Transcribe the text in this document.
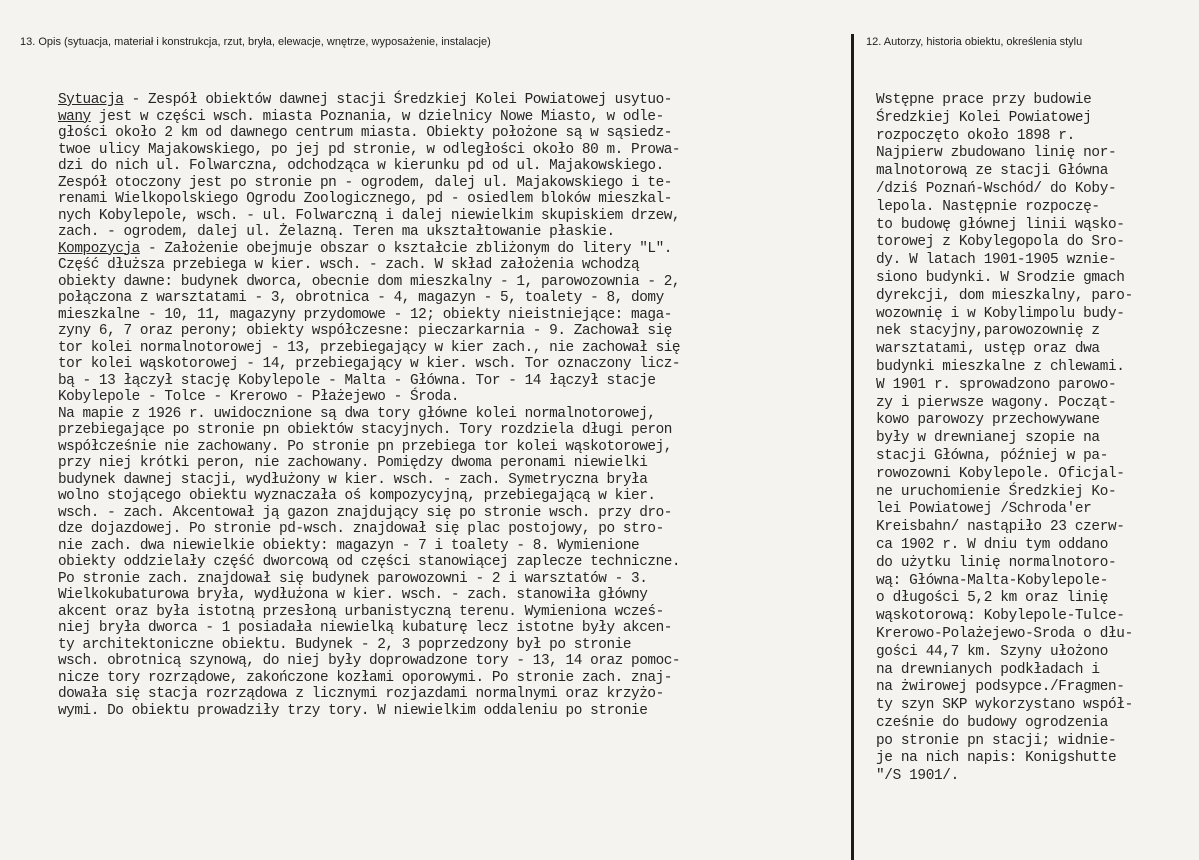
13. Opis (sytuacja, materiał i konstrukcja, rzut, bryła, elewacje, wnętrze, wyposażenie, instalacje)	12. Autorzy, historia obiektu, określenia stylu
Sytuacja - Zespół obiektów dawnej stacji Średzkiej Kolei Powiatowej usytuo-
wany jest w części wsch. miasta Poznania, w dzielnicy Nowe Miasto, w odle-
głości około 2 km od dawnego centrum miasta. Obiekty położone są w sąsiedz-
twoe ulicy Majakowskiego, po jej pd stronie, w odległości około 80 m. Prowa-
dzi do nich ul. Folwarczna, odchodząca w kierunku pd od ul. Majakowskiego.
Zespół otoczony jest po stronie pn - ogrodem, dalej ul. Majakowskiego i te-
renami Wielkopolskiego Ogrodu Zoologicznego, pd - osiedlem bloków mieszkal-
nych Kobylepole, wsch. - ul. Folwarczną i dalej niewielkim skupiskiem drzew,
zach. - ogrodem, dalej ul. Żelazną. Teren ma ukształtowanie płaskie.
Kompozycja - Założenie obejmuje obszar o kształcie zbliżonym do litery "L".
Część dłuższa przebiega w kier. wsch. - zach. W skład założenia wchodzą
obiekty dawne: budynek dworca, obecnie dom mieszkalny - 1, parowozownia - 2,
połączona z warsztatami - 3, obrotnica - 4, magazyn - 5, toalety - 8, domy
mieszkalne - 10, 11, magazyny przydomowe - 12; obiekty nieistniejące: maga-
zyny 6, 7 oraz perony; obiekty współczesne: pieczarkarnia - 9. Zachował się
tor kolei normalnotorowej - 13, przebiegający w kier zach., nie zachował się
tor kolei wąskotorowej - 14, przebiegający w kier. wsch. Tor oznaczony licz-
bą - 13 łączył stację Kobylepole - Malta - Główna. Tor - 14 łączył stacje
Kobylepole - Tolce - Krerowo - Płażejewo - Środa.
Na mapie z 1926 r. uwidocznione są dwa tory główne kolei normalnotorowej,
przebiegające po stronie pn obiektów stacyjnych. Tory rozdziela długi peron
współcześnie nie zachowany. Po stronie pn przebiega tor kolei wąskotorowej,
przy niej krótki peron, nie zachowany. Pomiędzy dwoma peronami niewielki
budynek dawnej stacji, wydłużony w kier. wsch. - zach. Symetryczna bryła
wolno stojącego obiektu wyznaczała oś kompozycyjną, przebiegającą w kier.
wsch. - zach. Akcentował ją gazon znajdujący się po stronie wsch. przy dro-
dze dojazdowej. Po stronie pd-wsch. znajdował się plac postojowy, po stro-
nie zach. dwa niewielkie obiekty: magazyn - 7 i toalety - 8. Wymienione
obiekty oddzielały część dworcową od części stanowiącej zaplecze techniczne.
Po stronie zach. znajdował się budynek parowozowni - 2 i warsztatów - 3.
Wielkokubaturowa bryła, wydłużona w kier. wsch. - zach. stanowiła główny
akcent oraz była istotną przesłoną urbanistyczną terenu. Wymieniona wcześ-
niej bryła dworca - 1 posiadała niewielką kubaturę lecz istotne były akcen-
ty architektoniczne obiektu. Budynek - 2, 3 poprzedzony był po stronie
wsch. obrotnicą szynową, do niej były doprowadzone tory - 13, 14 oraz pomoc-
nicze tory rozrządowe, zakończone kozłami oporowymi. Po stronie zach. znaj-
dowała się stacja rozrządowa z licznymi rozjazdami normalnymi oraz krzyżo-
wymi. Do obiektu prowadziły trzy tory. W niewielkim oddaleniu po stronie
Wstępne prace przy budowie
Średzkiej Kolei Powiatowej
rozpoczęto około 1898 r.
Najpierw zbudowano linię nor-
malnotorową ze stacji Główna
/dziś Poznań-Wschód/ do Koby-
lepola. Następnie rozpoczę-
to budowę głównej linii wąsko-
torowej z Kobylegopola do Sro-
dy. W latach 1901-1905 wznie-
siono budynki. W Srodzie gmach
dyrekcji, dom mieszkalny, paro-
wozownię i w Kobylimpolu budy-
nek stacyjny,parowozownię z
warsztatami, ustęp oraz dwa
budynki mieszkalne z chlewami.
W 1901 r. sprowadzono parowo-
zy i pierwsze wagony. Począt-
kowo parowozy przechowywane
były w drewnianej szopie na
stacji Główna, później w pa-
rowozowni Kobylepole. Oficjal-
ne uruchomienie Średzkiej Ko-
lei Powiatowej /Schroda'er
Kreisbahn/ nastąpiło 23 czerw-
ca 1902 r. W dniu tym oddano
do użytku linię normalnotoro-
wą: Główna-Malta-Kobylepole-
o długości 5,2 km oraz linię
wąskotorową: Kobylepole-Tulce-
Krerowo-Polażejewo-Sroda o dłu-
gości 44,7 km. Szyny ułożono
na drewnianych podkładach i
na żwirowej podsypce./Fragmen-
ty szyn SKP wykorzystano współ-
cześnie do budowy ogrodzenia
po stronie pn stacji; widnie-
je na nich napis: Konigshutte
"/S 1901/.
